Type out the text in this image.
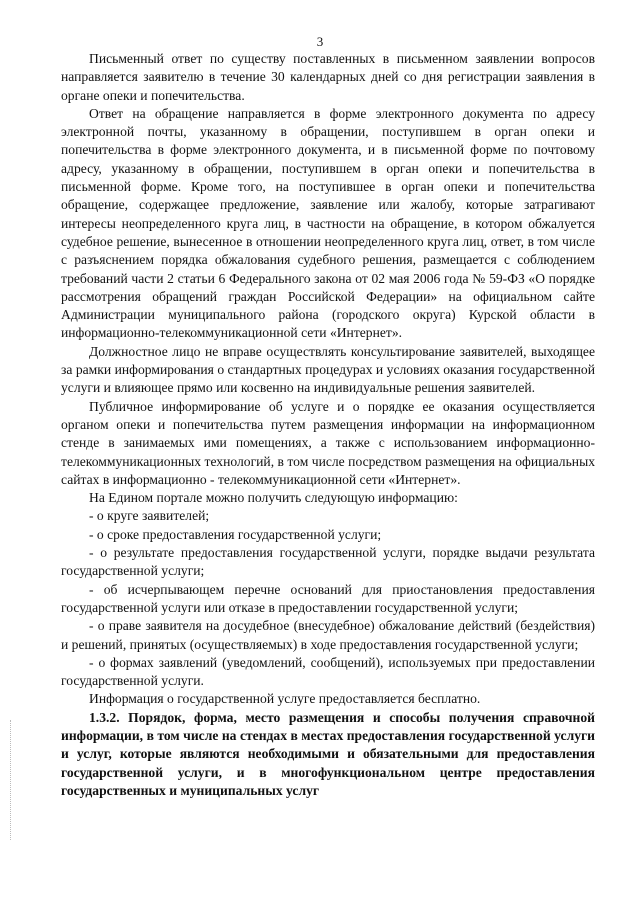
3

Письменный ответ по существу поставленных в письменном заявлении вопросов направляется заявителю в течение 30 календарных дней со дня регистрации заявления в органе опеки и попечительства.

Ответ на обращение направляется в форме электронного документа по адресу электронной почты, указанному в обращении, поступившем в орган опеки и попечительства в форме электронного документа, и в письменной форме по почтовому адресу, указанному в обращении, поступившем в орган опеки и попечительства в письменной форме. Кроме того, на поступившее в орган опеки и попечительства обращение, содержащее предложение, заявление или жалобу, которые затрагивают интересы неопределенного круга лиц, в частности на обращение, в котором обжалуется судебное решение, вынесенное в отношении неопределенного круга лиц, ответ, в том числе с разъяснением порядка обжалования судебного решения, размещается с соблюдением требований части 2 статьи 6 Федерального закона от 02 мая 2006 года № 59-ФЗ «О порядке рассмотрения обращений граждан Российской Федерации» на официальном сайте Администрации муниципального района (городского округа) Курской области в информационно-телекоммуникационной сети «Интернет».

Должностное лицо не вправе осуществлять консультирование заявителей, выходящее за рамки информирования о стандартных процедурах и условиях оказания государственной услуги и влияющее прямо или косвенно на индивидуальные решения заявителей.

Публичное информирование об услуге и о порядке ее оказания осуществляется органом опеки и попечительства путем размещения информации на информационном стенде в занимаемых ими помещениях, а также с использованием информационно-телекоммуникационных технологий, в том числе посредством размещения на официальных сайтах в информационно - телекоммуникационной сети «Интернет».

На Едином портале можно получить следующую информацию:

- о круге заявителей;

- о сроке предоставления государственной услуги;

- о результате предоставления государственной услуги, порядке выдачи результата государственной услуги;

- об исчерпывающем перечне оснований для приостановления предоставления государственной услуги или отказе в предоставлении государственной услуги;

- о праве заявителя на досудебное (внесудебное) обжалование действий (бездействия) и решений, принятых (осуществляемых) в ходе предоставления государственной услуги;

- о формах заявлений (уведомлений, сообщений), используемых при предоставлении государственной услуги.

Информация о государственной услуге предоставляется бесплатно.

1.3.2. Порядок, форма, место размещения и способы получения справочной информации, в том числе на стендах в местах предоставления государственной услуги и услуг, которые являются необходимыми и обязательными для предоставления государственной услуги, и в многофункциональном центре предоставления государственных и муниципальных услуг
